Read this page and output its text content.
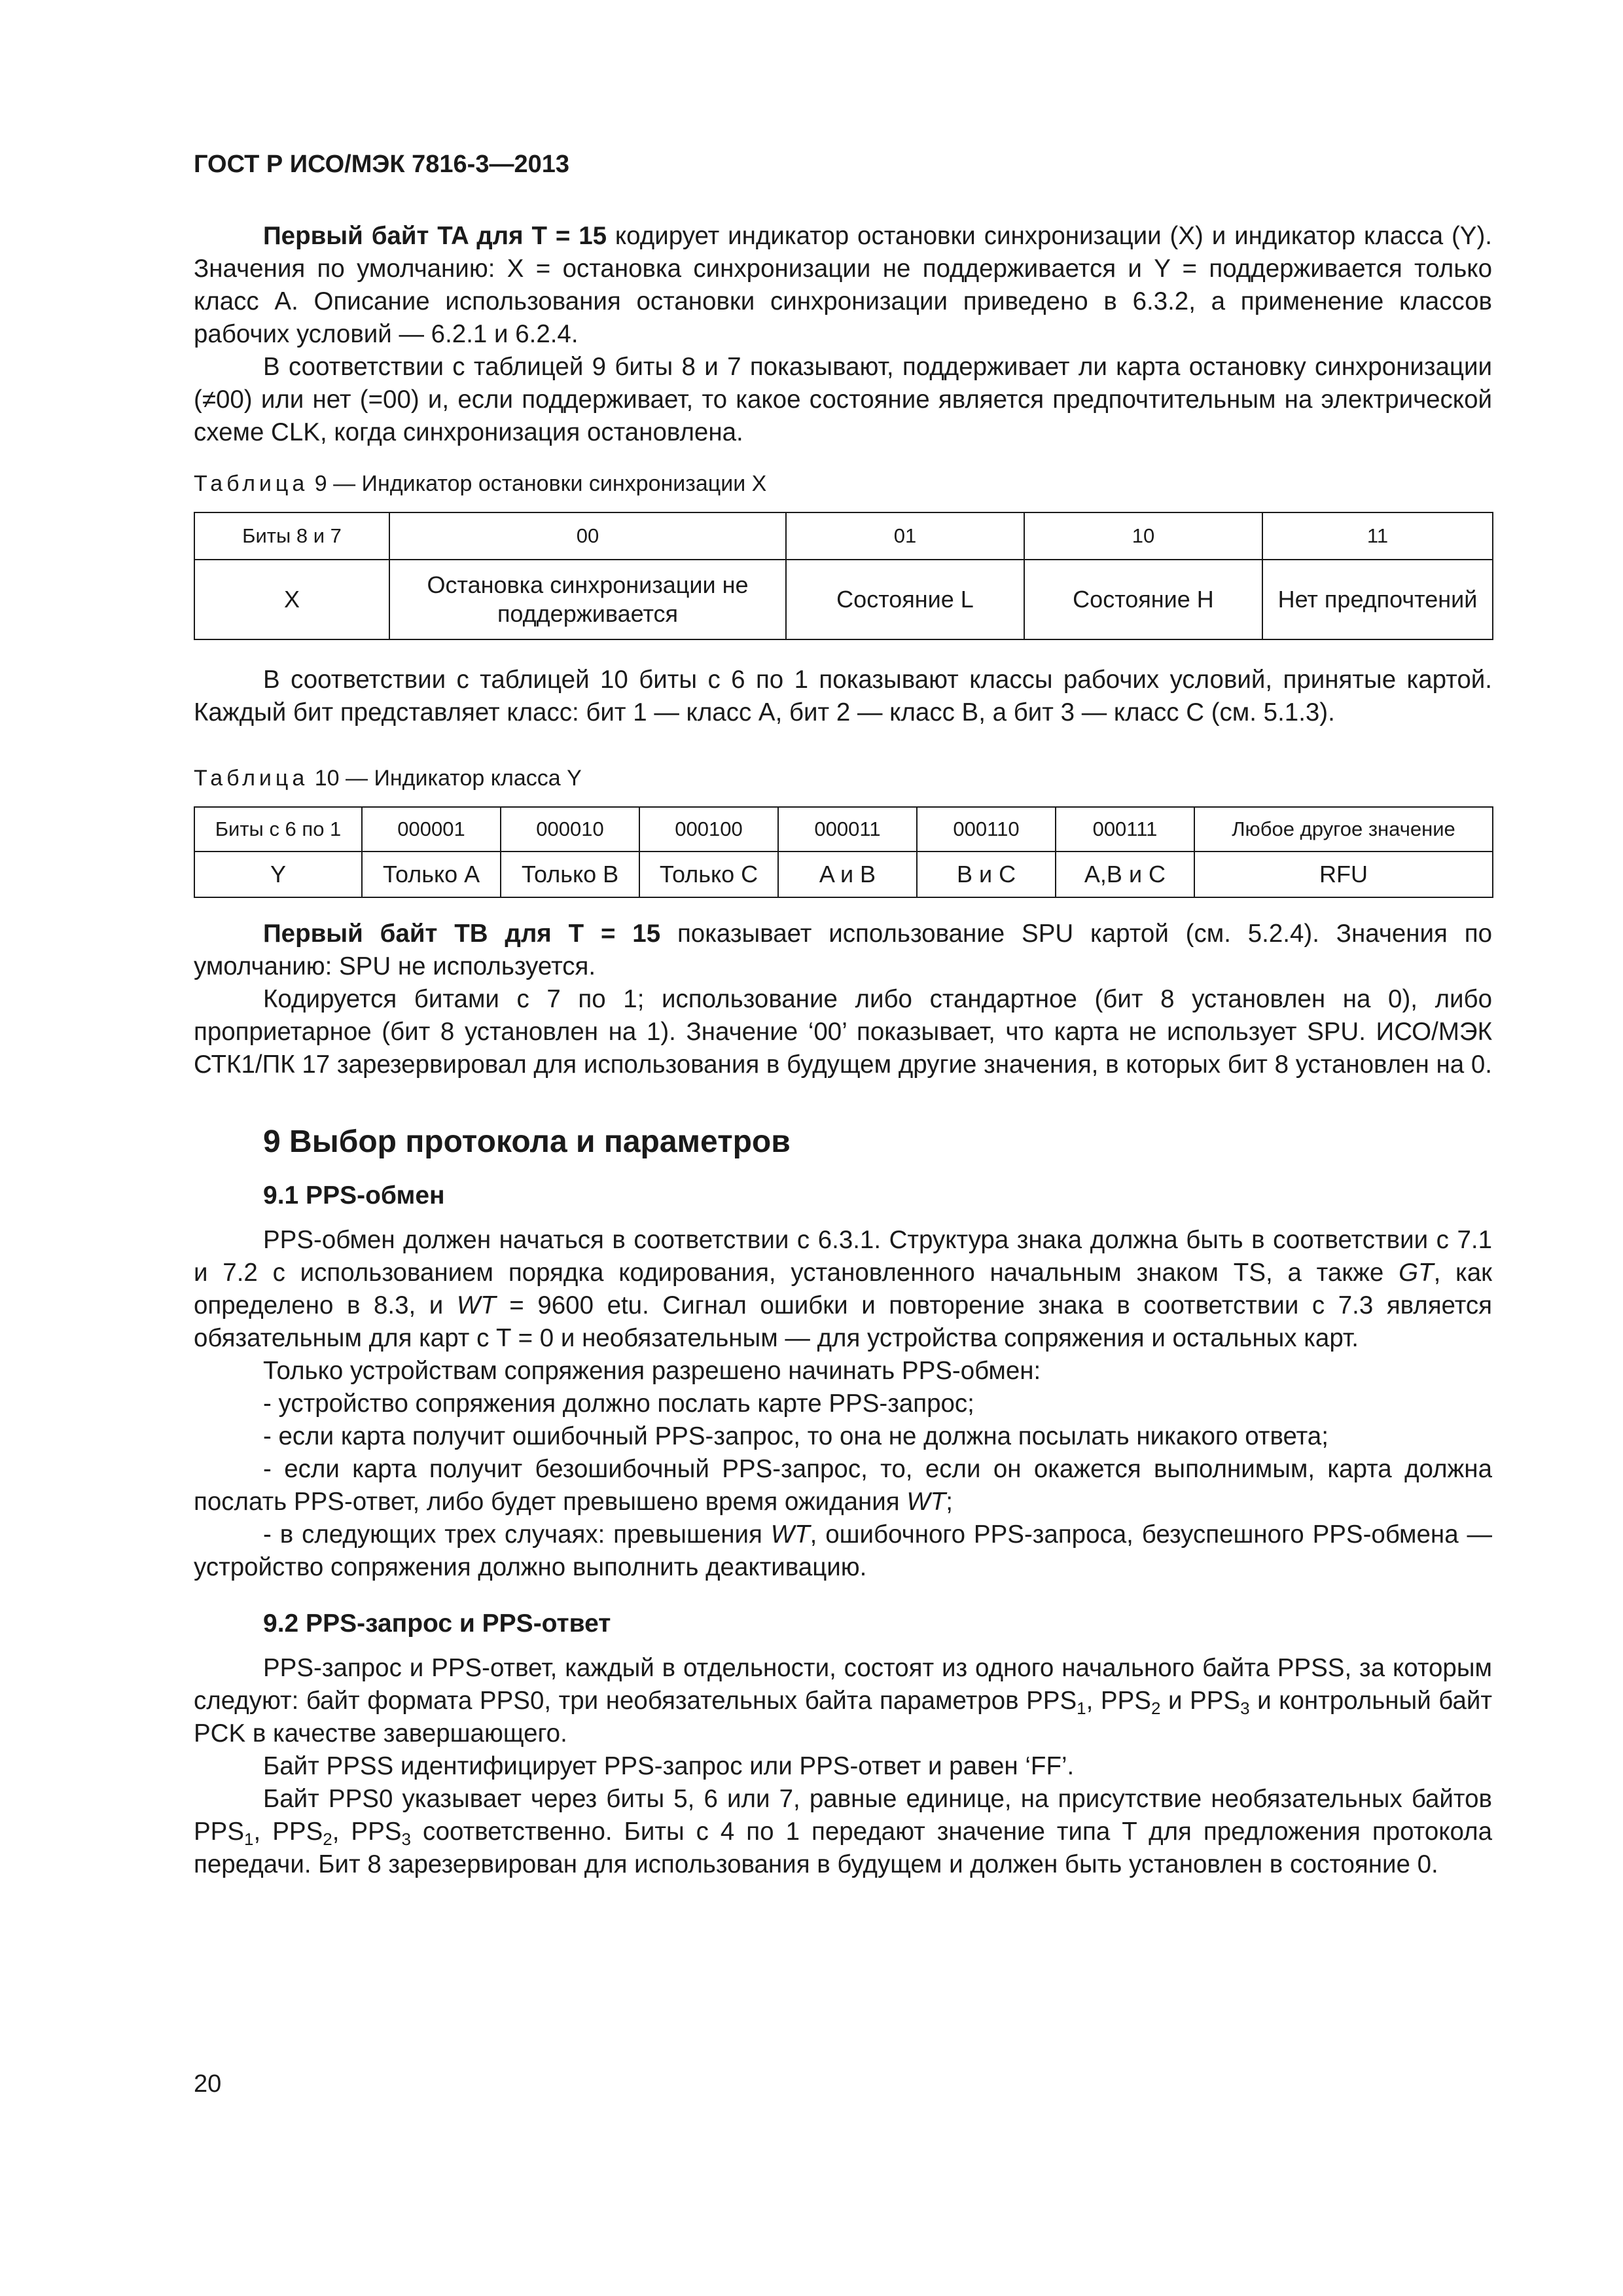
ГОСТ Р ИСО/МЭК 7816-3—2013

Первый байт TA для T = 15 кодирует индикатор остановки синхронизации (X) и индикатор класса (Y). Значения по умолчанию: X = остановка синхронизации не поддерживается и Y = поддерживается только класс A. Описание использования остановки синхронизации приведено в 6.3.2, а применение классов рабочих условий — 6.2.1 и 6.2.4.

В соответствии с таблицей 9 биты 8 и 7 показывают, поддерживает ли карта остановку синхронизации (≠00) или нет (=00) и, если поддерживает, то какое состояние является предпочтительным на электрической схеме CLK, когда синхронизация остановлена.

Таблица 9 — Индикатор остановки синхронизации X
Биты 8 и 7	00	01	10	11
X	Остановка синхронизации не поддерживается	Состояние L	Состояние H	Нет предпочтений

В соответствии с таблицей 10 биты с 6 по 1 показывают классы рабочих условий, принятые картой. Каждый бит представляет класс: бит 1 — класс A, бит 2 — класс B, а бит 3 — класс C (см. 5.1.3).

Таблица 10 — Индикатор класса Y
Биты с 6 по 1	000001	000010	000100	000011	000110	000111	Любое другое значение
Y	Только A	Только B	Только C	A и B	B и C	A,B и C	RFU

Первый байт TB для T = 15 показывает использование SPU картой (см. 5.2.4). Значения по умолчанию: SPU не используется.

Кодируется битами с 7 по 1; использование либо стандартное (бит 8 установлен на 0), либо проприетарное (бит 8 установлен на 1). Значение ‘00’ показывает, что карта не использует SPU. ИСО/МЭК СТК1/ПК 17 зарезервировал для использования в будущем другие значения, в которых бит 8 установлен на 0.

9 Выбор протокола и параметров
9.1 PPS-обмен

PPS-обмен должен начаться в соответствии с 6.3.1. Структура знака должна быть в соответствии с 7.1 и 7.2 с использованием порядка кодирования, установленного начальным знаком TS, а также GT, как определено в 8.3, и WT = 9600 etu. Сигнал ошибки и повторение знака в соответствии с 7.3 является обязательным для карт с T = 0 и необязательным — для устройства сопряжения и остальных карт.

Только устройствам сопряжения разрешено начинать PPS-обмен:

- устройство сопряжения должно послать карте PPS-запрос;

- если карта получит ошибочный PPS-запрос, то она не должна посылать никакого ответа;

- если карта получит безошибочный PPS-запрос, то, если он окажется выполнимым, карта должна послать PPS-ответ, либо будет превышено время ожидания WT;

- в следующих трех случаях: превышения WT, ошибочного PPS-запроса, безуспешного PPS-обмена — устройство сопряжения должно выполнить деактивацию.

9.2 PPS-запрос и PPS-ответ

PPS-запрос и PPS-ответ, каждый в отдельности, состоят из одного начального байта PPSS, за которым следуют: байт формата PPS0, три необязательных байта параметров $PPS_1$, $PPS_2$ и $PPS_3$ и контрольный байт PCK в качестве завершающего.

Байт PPSS идентифицирует PPS-запрос или PPS-ответ и равен ‘FF’.

Байт PPS0 указывает через биты 5, 6 или 7, равные единице, на присутствие необязательных байтов $PPS_1$, $PPS_2$, $PPS_3$ соответственно. Биты с 4 по 1 передают значение типа T для предложения протокола передачи. Бит 8 зарезервирован для использования в будущем и должен быть установлен в состояние 0.

20
